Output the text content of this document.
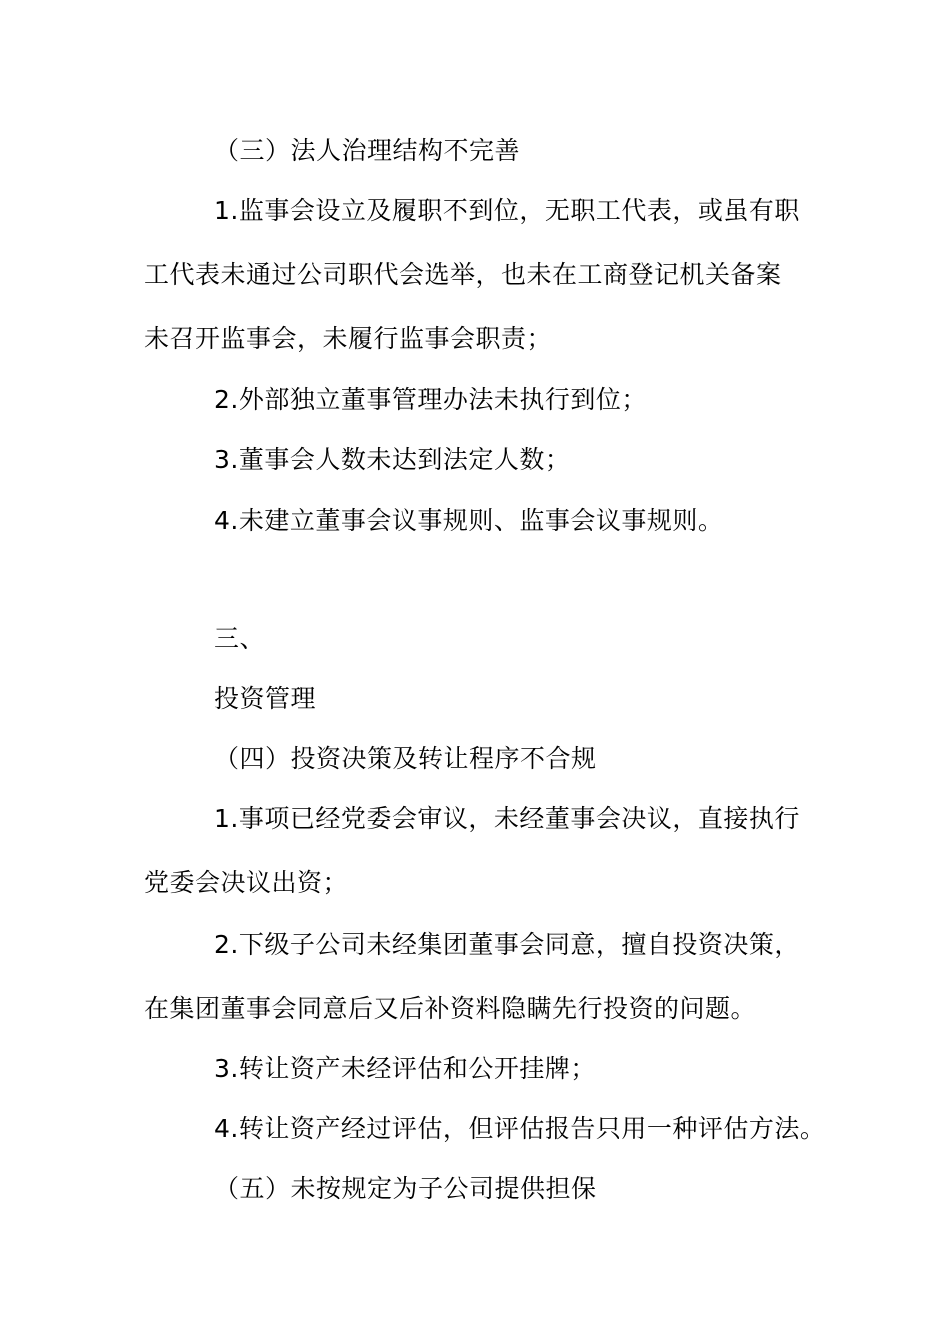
（三）法人治理结构不完善

1.监事会设立及履职不到位，无职工代表，或虽有职

工代表未通过公司职代会选举，也未在工商登记机关备案

未召开监事会，未履行监事会职责；

2.外部独立董事管理办法未执行到位；

3.董事会人数未达到法定人数；

4.未建立董事会议事规则、监事会议事规则。

三、

投资管理

（四）投资决策及转让程序不合规

1.事项已经党委会审议，未经董事会决议，直接执行

党委会决议出资；

2.下级子公司未经集团董事会同意，擅自投资决策，

在集团董事会同意后又后补资料隐瞒先行投资的问题。

3.转让资产未经评估和公开挂牌；

4.转让资产经过评估，但评估报告只用一种评估方法。

（五）未按规定为子公司提供担保
